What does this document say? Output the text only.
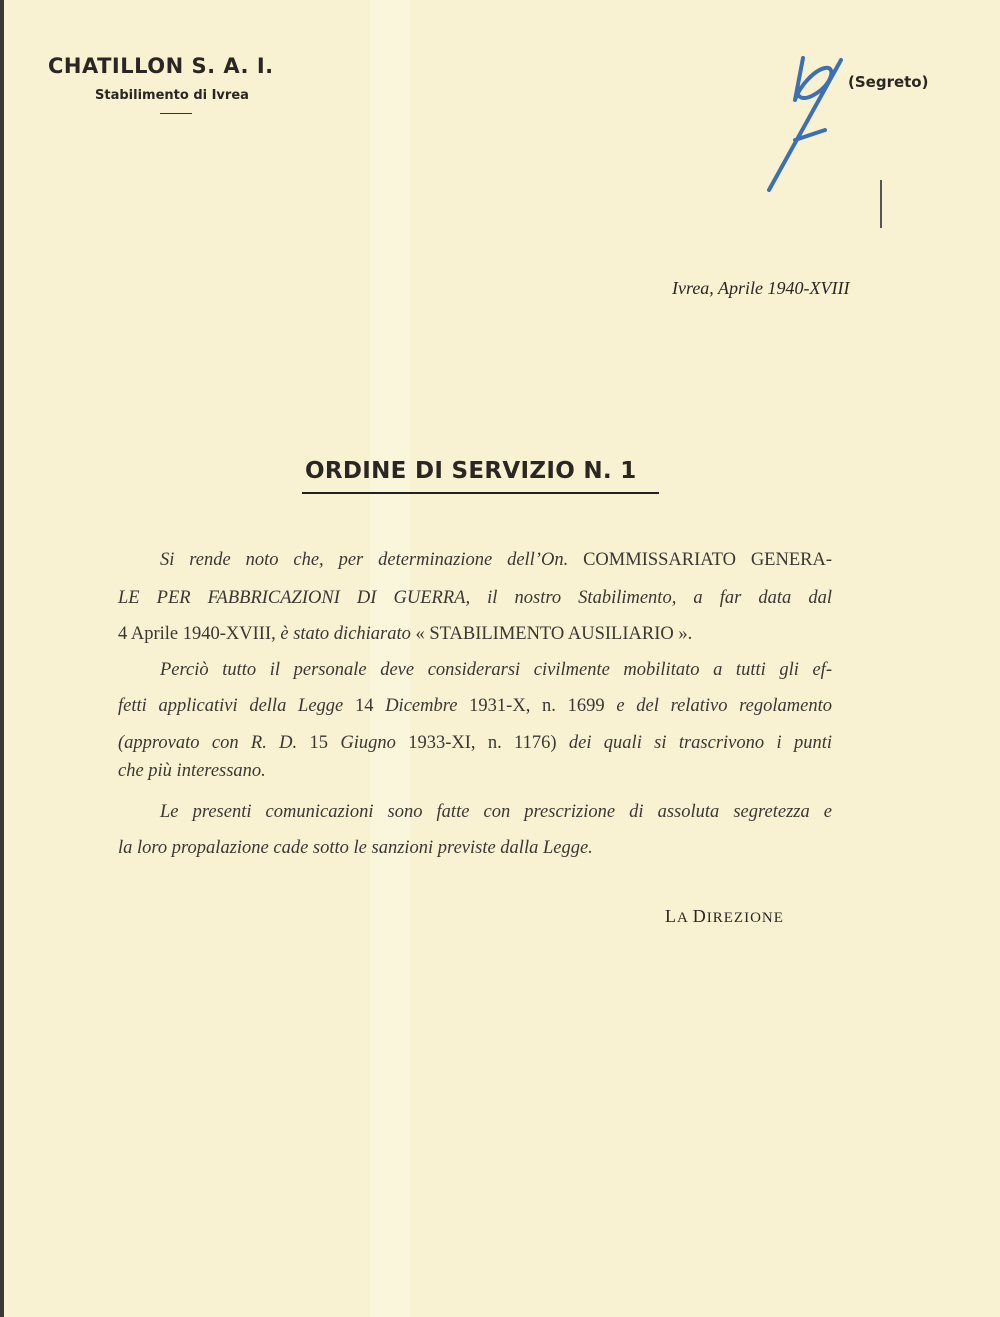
CHATILLON S. A. I.
Stabilimento di Ivrea
(Segreto)
Ivrea, Aprile 1940-XVIII
ORDINE DI SERVIZIO N. 1
Si rende noto che, per determinazione dell’On. COMMISSARIATO GENERA-
LE PER FABBRICAZIONI DI GUERRA, il nostro Stabilimento, a far data dal
4 Aprile 1940-XVIII, è stato dichiarato « STABILIMENTO AUSILIARIO ».
Perciò tutto il personale deve considerarsi civilmente mobilitato a tutti gli ef-
fetti applicativi della Legge 14 Dicembre 1931-X, n. 1699 e del relativo regolamento
(approvato con R. D. 15 Giugno 1933-XI, n. 1176) dei quali si trascrivono i punti
che più interessano.
Le presenti comunicazioni sono fatte con prescrizione di assoluta segretezza e
la loro propalazione cade sotto le sanzioni previste dalla Legge.
LA DIREZIONE
